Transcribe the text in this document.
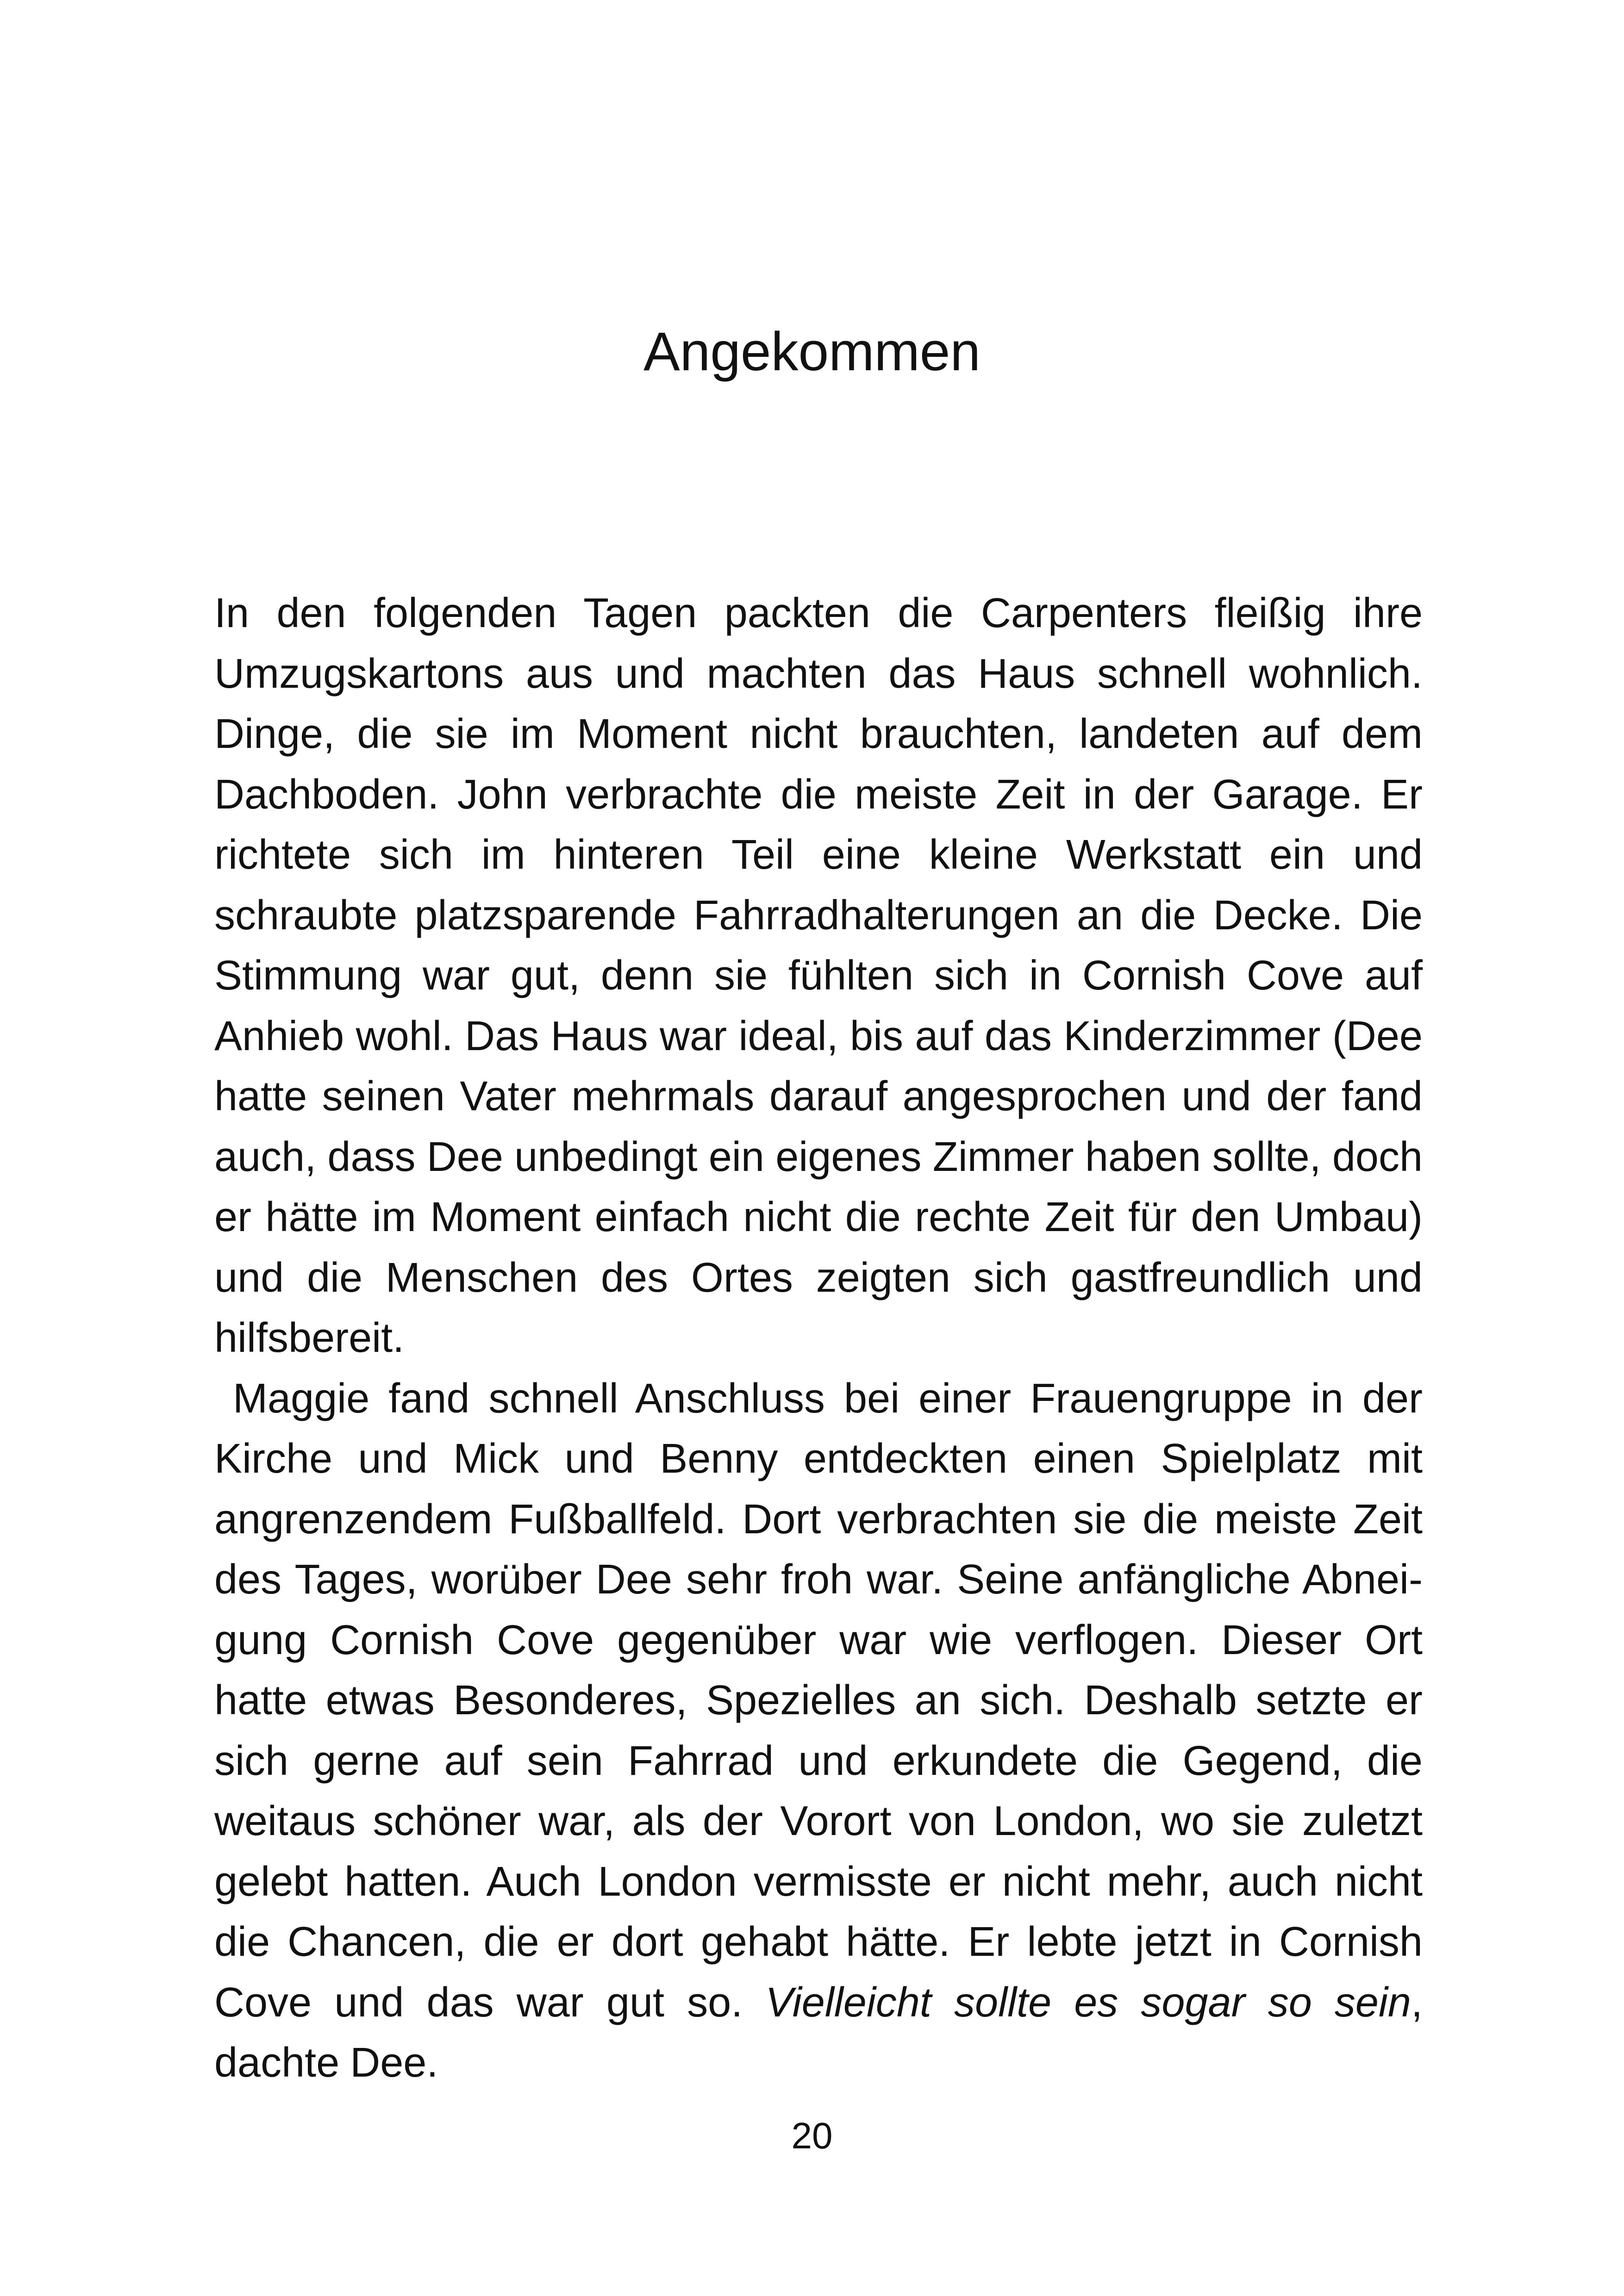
Angekommen

In den folgenden Tagen packten die Carpenters fleißig ihre Umzugskartons aus und machten das Haus schnell wohnlich. Dinge, die sie im Moment nicht brauchten, landeten auf dem Dachboden. John verbrachte die meiste Zeit in der Garage. Er richtete sich im hinteren Teil eine kleine Werkstatt ein und schraubte platzsparende Fahrradhalterungen an die Decke. Die Stimmung war gut, denn sie fühlten sich in Cornish Cove auf Anhieb wohl. Das Haus war ideal, bis auf das Kinderzimmer (Dee hatte seinen Vater mehrmals darauf angesprochen und der fand auch, dass Dee unbedingt ein eigenes Zimmer haben sollte, doch er hätte im Moment einfach nicht die rechte Zeit für den Umbau) und die Menschen des Ortes zeigten sich gastfreundlich und hilfsbereit.

Maggie fand schnell Anschluss bei einer Frauengruppe in der Kirche und Mick und Benny entdeckten einen Spielplatz mit angrenzendem Fußballfeld. Dort verbrachten sie die meiste Zeit des Tages, worüber Dee sehr froh war. Seine anfängliche Abneigung Cornish Cove gegenüber war wie verflogen. Dieser Ort hatte etwas Besonderes, Spezielles an sich. Deshalb setzte er sich gerne auf sein Fahrrad und erkundete die Gegend, die weitaus schöner war, als der Vorort von London, wo sie zuletzt gelebt hatten. Auch London vermisste er nicht mehr, auch nicht die Chancen, die er dort gehabt hätte. Er lebte jetzt in Cornish Cove und das war gut so. Vielleicht sollte es sogar so sein, dachte Dee.

20
